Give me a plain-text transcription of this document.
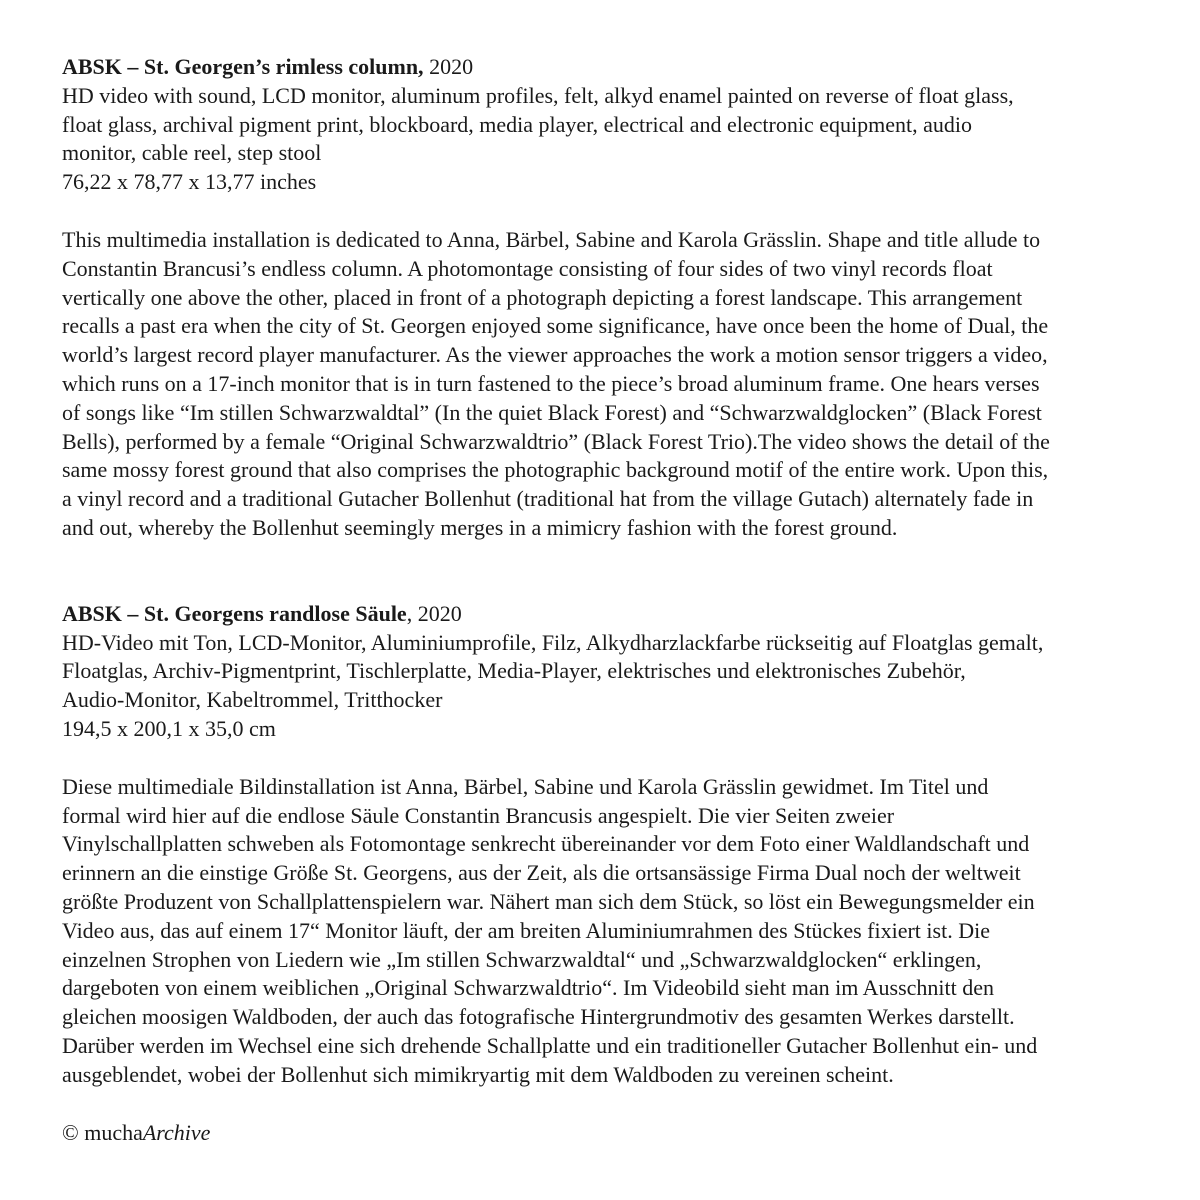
ABSK – St. Georgen’s rimless column, 2020
HD video with sound, LCD monitor, aluminum profiles, felt, alkyd enamel painted on reverse of float glass,
float glass, archival pigment print, blockboard, media player, electrical and electronic equipment, audio
monitor, cable reel, step stool
76,22 x 78,77 x 13,77 inches
This multimedia installation is dedicated to Anna, Bärbel, Sabine and Karola Grässlin. Shape and title allude to
Constantin Brancusi’s endless column. A photomontage consisting of four sides of two vinyl records float
vertically one above the other, placed in front of a photograph depicting a forest landscape. This arrangement
recalls a past era when the city of St. Georgen enjoyed some significance, have once been the home of Dual, the
world’s largest record player manufacturer. As the viewer approaches the work a motion sensor triggers a video,
which runs on a 17-inch monitor that is in turn fastened to the piece’s broad aluminum frame. One hears verses
of songs like “Im stillen Schwarzwaldtal” (In the quiet Black Forest) and “Schwarzwaldglocken” (Black Forest
Bells), performed by a female “Original Schwarzwaldtrio” (Black Forest Trio).The video shows the detail of the
same mossy forest ground that also comprises the photographic background motif of the entire work. Upon this,
a vinyl record and a traditional Gutacher Bollenhut (traditional hat from the village Gutach) alternately fade in
and out, whereby the Bollenhut seemingly merges in a mimicry fashion with the forest ground.
ABSK – St. Georgens randlose Säule, 2020
HD-Video mit Ton, LCD-Monitor, Aluminiumprofile, Filz, Alkydharzlackfarbe rückseitig auf Floatglas gemalt,
Floatglas, Archiv-Pigmentprint, Tischlerplatte, Media-Player, elektrisches und elektronisches Zubehör,
Audio-Monitor, Kabeltrommel, Tritthocker
194,5 x 200,1 x 35,0 cm
Diese multimediale Bildinstallation ist Anna, Bärbel, Sabine und Karola Grässlin gewidmet. Im Titel und
formal wird hier auf die endlose Säule Constantin Brancusis angespielt. Die vier Seiten zweier
Vinylschallplatten schweben als Fotomontage senkrecht übereinander vor dem Foto einer Waldlandschaft und
erinnern an die einstige Größe St. Georgens, aus der Zeit, als die ortsansässige Firma Dual noch der weltweit
größte Produzent von Schallplattenspielern war. Nähert man sich dem Stück, so löst ein Bewegungsmelder ein
Video aus, das auf einem 17“ Monitor läuft, der am breiten Aluminiumrahmen des Stückes fixiert ist. Die
einzelnen Strophen von Liedern wie „Im stillen Schwarzwaldtal“ und „Schwarzwaldglocken“ erklingen,
dargeboten von einem weiblichen „Original Schwarzwaldtrio“. Im Videobild sieht man im Ausschnitt den
gleichen moosigen Waldboden, der auch das fotografische Hintergrundmotiv des gesamten Werkes darstellt.
Darüber werden im Wechsel eine sich drehende Schallplatte und ein traditioneller Gutacher Bollenhut ein- und
ausgeblendet, wobei der Bollenhut sich mimikryartig mit dem Waldboden zu vereinen scheint.
© muchaArchive
